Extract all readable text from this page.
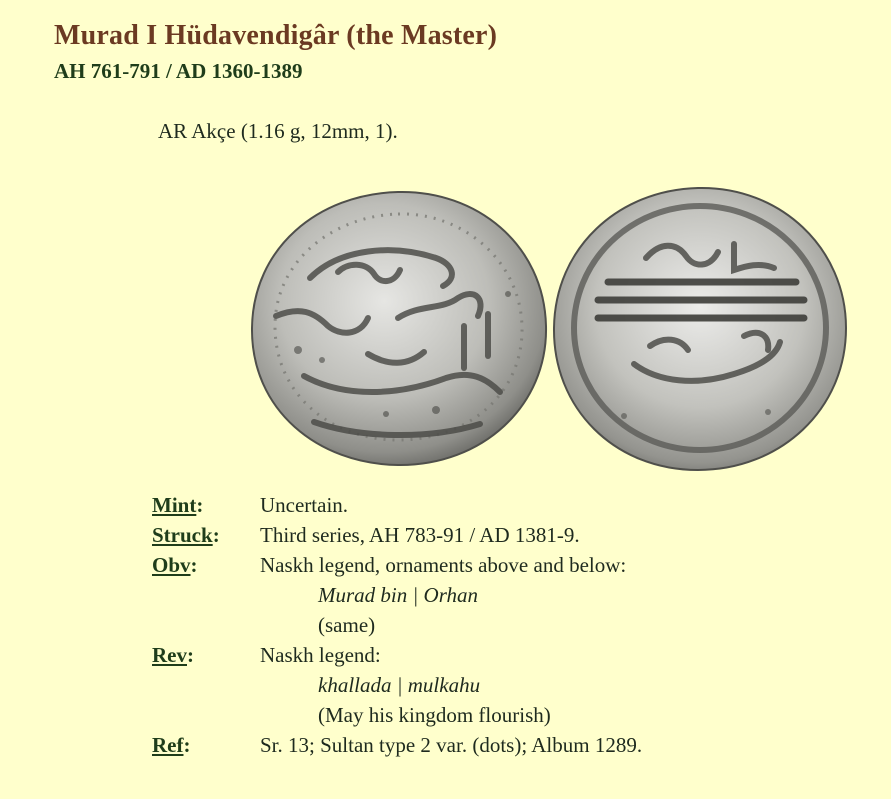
Murad I Hüdavendigâr (the Master)
AH 761-791 / AD 1360-1389

AR Akçe (1.16 g, 12mm, 1).

Mint:	Uncertain.
Struck:	Third series, AH 783-91 / AD 1381-9.
Obv:	Naskh legend, ornaments above and below:
Murad bin | Orhan
(same)
Rev:	Naskh legend:
khallada | mulkahu
(May his kingdom flourish)
Ref:	Sr. 13; Sultan type 2 var. (dots); Album 1289.
